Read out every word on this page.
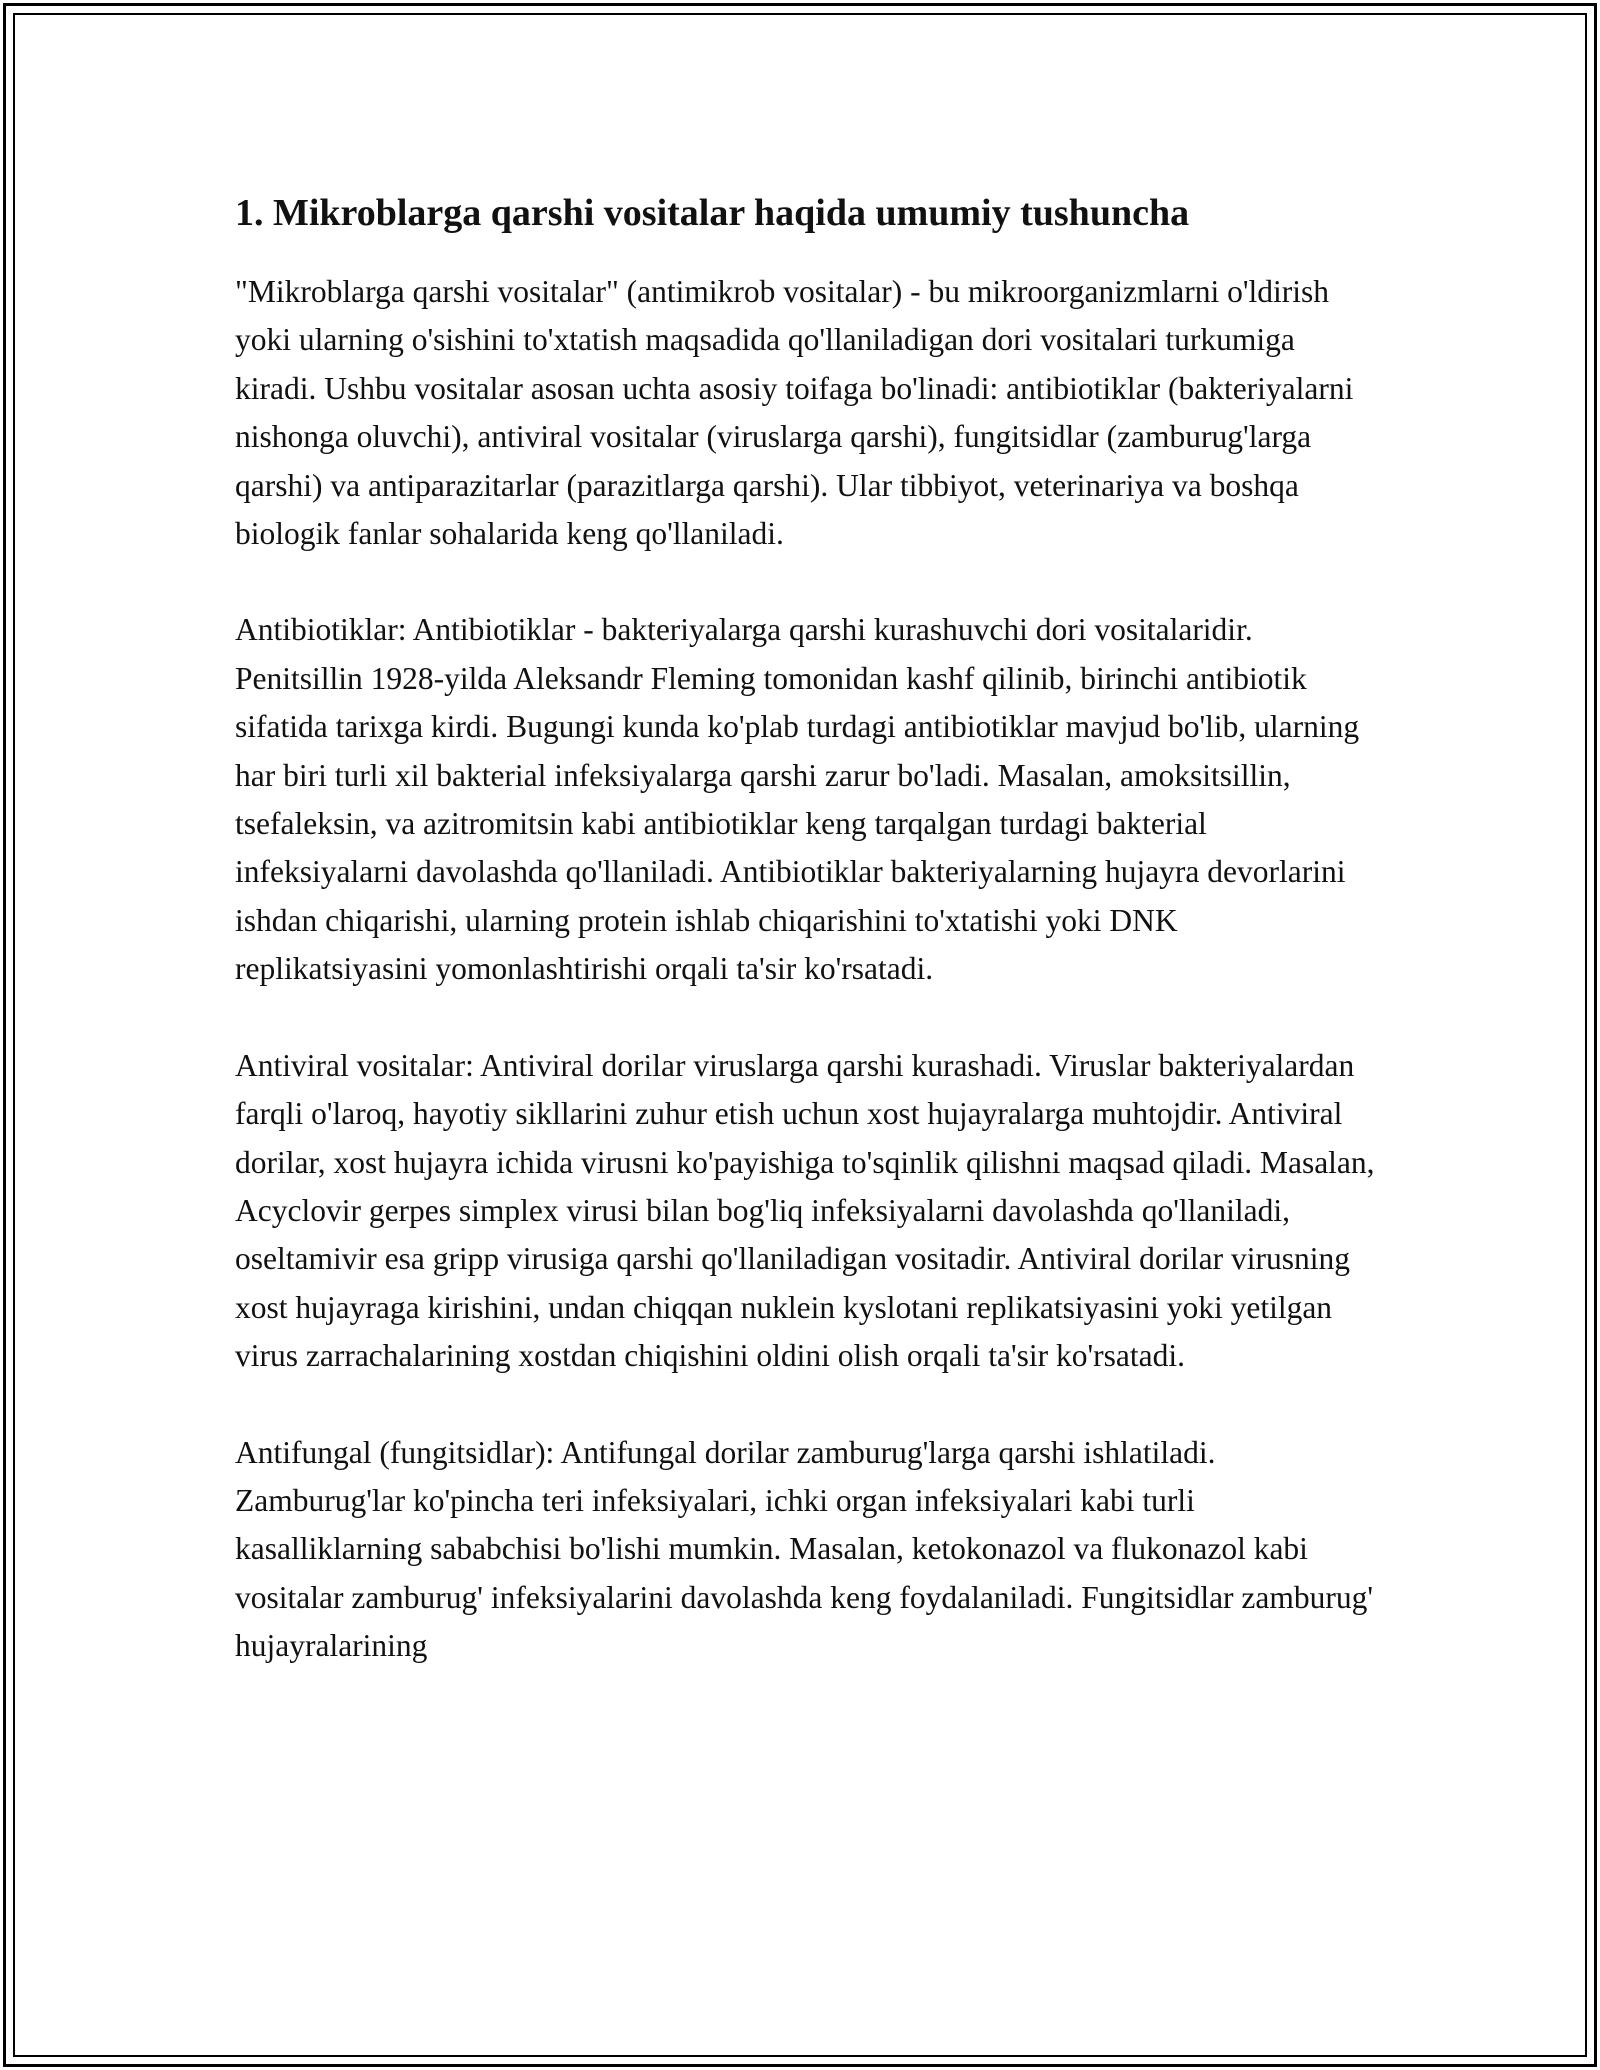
1. Mikroblarga qarshi vositalar haqida umumiy tushuncha

"Mikroblarga qarshi vositalar" (antimikrob vositalar) - bu mikroorganizmlarni o'ldirish yoki ularning o'sishini to'xtatish maqsadida qo'llaniladigan dori vositalari turkumiga kiradi. Ushbu vositalar asosan uchta asosiy toifaga bo'linadi: antibiotiklar (bakteriyalarni nishonga oluvchi), antiviral vositalar (viruslarga qarshi), fungitsidlar (zamburug'larga qarshi) va antiparazitarlar (parazitlarga qarshi). Ular tibbiyot, veterinariya va boshqa biologik fanlar sohalarida keng qo'llaniladi.

Antibiotiklar: Antibiotiklar - bakteriyalarga qarshi kurashuvchi dori vositalaridir. Penitsillin 1928-yilda Aleksandr Fleming tomonidan kashf qilinib, birinchi antibiotik sifatida tarixga kirdi. Bugungi kunda ko'plab turdagi antibiotiklar mavjud bo'lib, ularning har biri turli xil bakterial infeksiyalarga qarshi zarur bo'ladi. Masalan, amoksitsillin, tsefaleksin, va azitromitsin kabi antibiotiklar keng tarqalgan turdagi bakterial infeksiyalarni davolashda qo'llaniladi. Antibiotiklar bakteriyalarning hujayra devorlarini ishdan chiqarishi, ularning protein ishlab chiqarishini to'xtatishi yoki DNK replikatsiyasini yomonlashtirishi orqali ta'sir ko'rsatadi.

Antiviral vositalar: Antiviral dorilar viruslarga qarshi kurashadi. Viruslar bakteriyalardan farqli o'laroq, hayotiy sikllarini zuhur etish uchun xost hujayralarga muhtojdir. Antiviral dorilar, xost hujayra ichida virusni ko'payishiga to'sqinlik qilishni maqsad qiladi. Masalan, Acyclovir gerpes simplex virusi bilan bog'liq infeksiyalarni davolashda qo'llaniladi, oseltamivir esa gripp virusiga qarshi qo'llaniladigan vositadir. Antiviral dorilar virusning xost hujayraga kirishini, undan chiqqan nuklein kyslotani replikatsiyasini yoki yetilgan virus zarrachalarining xostdan chiqishini oldini olish orqali ta'sir ko'rsatadi.

Antifungal (fungitsidlar): Antifungal dorilar zamburug'larga qarshi ishlatiladi. Zamburug'lar ko'pincha teri infeksiyalari, ichki organ infeksiyalari kabi turli kasalliklarning sababchisi bo'lishi mumkin. Masalan, ketokonazol va flukonazol kabi vositalar zamburug' infeksiyalarini davolashda keng foydalaniladi. Fungitsidlar zamburug' hujayralarining
